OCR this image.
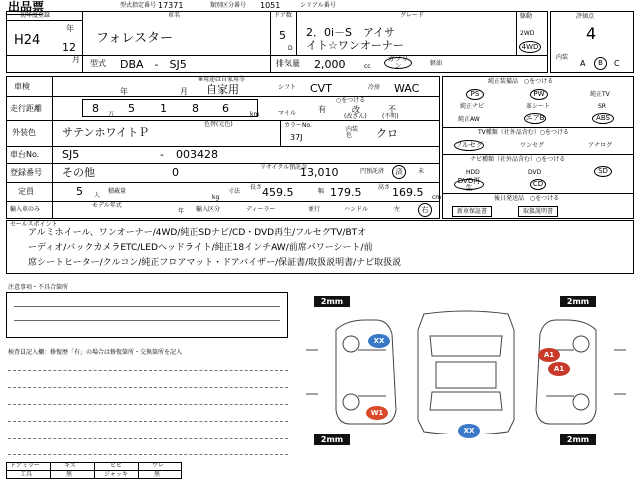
出品票	型式指定番号 17371	類別区分番号 1051	シリアル番号
初年度登録
H24
年
12
月
車名
フォレスター
ドア数
5
D
グレード
2．0i－S　アイサ
イト☆ワンオーナー
駆動
2WD
4WD
評価点
4
型式 DBA　-　SJ5	排気量 2,000	cc
ガソリン	軽油
内装
A B C
車検
年	月
※用途は自家用等
自家用	シフト CVT	冷房 WAC
走行距離	8 万 5 1 8 6	km	マイル
○をつける
有	改	不
(改ざん)	(不明)
外装色 サテンホワイトＰ
色替(元色)	カラーNo.
37J
内装色	クロ
車台No. SJ5	- 003428
登録番号 その他	0	リサイクル預託金
13,010	円預託済 済	未
定員	5 人
積載量
kg
寸法
長さ 459.5	幅 179.5	高さ 169.5 cm
輸入車のみ
モデル年式
年 輸入区分	ディーラー	並行	ハンドル	左	右
純正装備品　○をつける
PS	PW	純正TV
純正ナビ	革シート	SR
純正AW	エアB	ABS
TV種類（社外品含む）○をつける
フルセグ	ワンセグ	アナログ
ナビ種類（社外品含む）○をつける
HDD	DVD	SD
DVD再生	CD
後日発送品　○をつける
新車保証書	取扱説明書
セールスポイント
アルミホイール、ワンオーナー/4WD/純正SDナビ/CD・DVD再生/フルセグTV/BTオ
ーディオ/バックカメラETC/LEDヘッドライト/純正18インチAW/前席パワーシート/前
席シートヒーター/クルコン/純正フロアマット・ドアバイザー/保証書/取扱説明書/ナビ取扱説
注意事項・不具合箇所
検査員記入欄：修復歴「有」の場合は修復箇所・交換箇所を記入
ドアミラー	キズ	ヒビ	ワレ
工具	無	ジャッキ	無
2mm	2mm
2mm	2mm
XX
A1
A1
W1
XX
